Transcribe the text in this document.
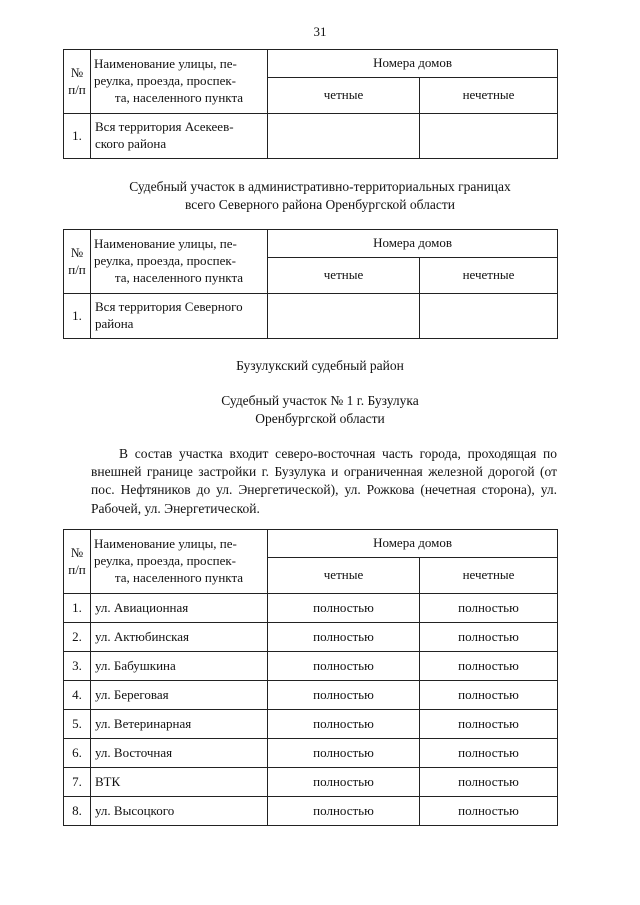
31
№
п/п	Наименование улицы, пе-
реулка, проезда, проспек-
та, населенного пункта	Номера домов	
		четные	нечетные
1.	Вся территория Асекеев-
ского района		
Судебный участок в административно-территориальных границах
всего Северного района Оренбургской области
№
п/п	Наименование улицы, пе-
реулка, проезда, проспек-
та, населенного пункта	Номера домов	
		четные	нечетные
1.	Вся территория Северного
района		
Бузулукский судебный район
Судебный участок № 1 г. Бузулука
Оренбургской области
В состав участка входит северо-восточная часть города, проходящая по внешней границе застройки г. Бузулука и ограниченная железной дорогой (от пос. Нефтяников до ул. Энергетической), ул. Рожкова (нечетная сторона), ул. Рабочей, ул. Энергетической.
№
п/п	Наименование улицы, пе-
реулка, проезда, проспек-
та, населенного пункта	Номера домов	
		четные	нечетные
1.	ул. Авиационная	полностью	полностью
2.	ул. Актюбинская	полностью	полностью
3.	ул. Бабушкина	полностью	полностью
4.	ул. Береговая	полностью	полностью
5.	ул. Ветеринарная	полностью	полностью
6.	ул. Восточная	полностью	полностью
7.	ВТК	полностью	полностью
8.	ул. Высоцкого	полностью	полностью
